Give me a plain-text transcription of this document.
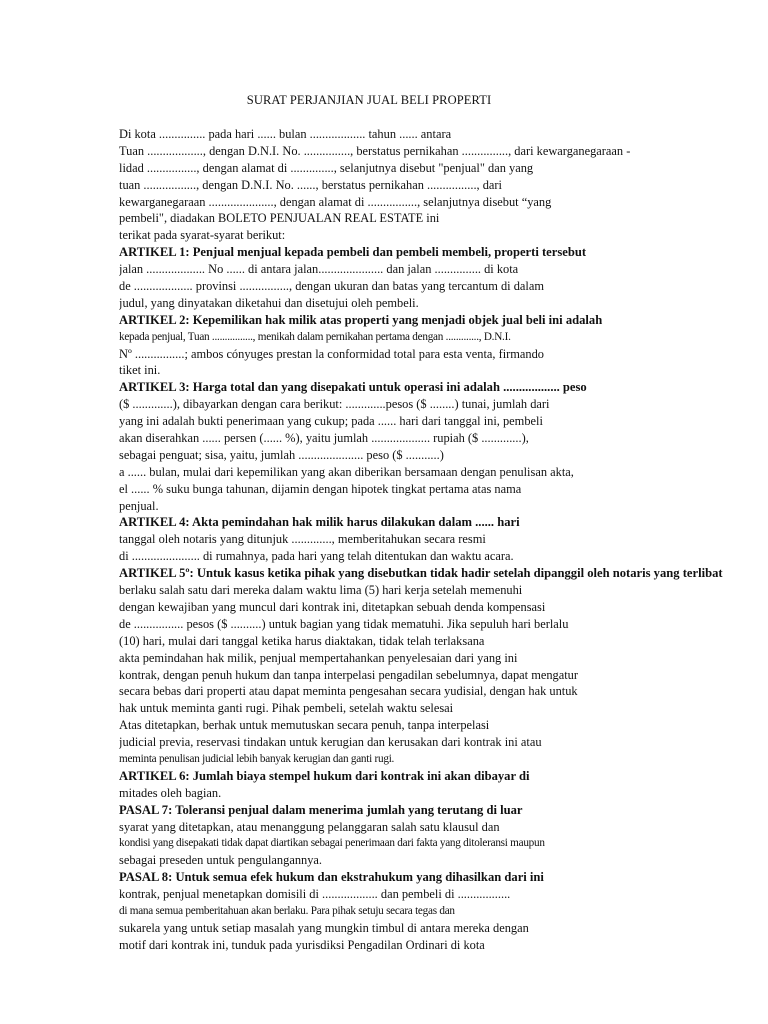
SURAT PERJANJIAN JUAL BELI PROPERTI
Di kota ............... pada hari ...... bulan .................. tahun ...... antara
Tuan .................., dengan D.N.I. No. ..............., berstatus pernikahan ..............., dari kewarganegaraan -
lidad ................, dengan alamat di .............., selanjutnya disebut "penjual" dan yang
tuan ................., dengan D.N.I. No. ......, berstatus pernikahan ................, dari
kewarganegaraan ....................., dengan alamat di ................, selanjutnya disebut “yang
pembeli", diadakan BOLETO PENJUALAN REAL ESTATE ini
terikat pada syarat-syarat berikut:
ARTIKEL 1: Penjual menjual kepada pembeli dan pembeli membeli, properti tersebut
jalan ................... No ...... di antara jalan..................... dan jalan ............... di kota
de ................... provinsi ................, dengan ukuran dan batas yang tercantum di dalam
judul, yang dinyatakan diketahui dan disetujui oleh pembeli.
ARTIKEL 2: Kepemilikan hak milik atas properti yang menjadi objek jual beli ini adalah
kepada penjual, Tuan ................, menikah dalam pernikahan pertama dengan ............., D.N.I.
Nº ................; ambos cónyuges prestan la conformidad total para esta venta, firmando
tiket ini.
ARTIKEL 3: Harga total dan yang disepakati untuk operasi ini adalah .................. peso
($ .............), dibayarkan dengan cara berikut: .............pesos ($ ........) tunai, jumlah dari
yang ini adalah bukti penerimaan yang cukup; pada ...... hari dari tanggal ini, pembeli
akan diserahkan ...... persen (...... %), yaitu jumlah ................... rupiah ($ .............),
sebagai penguat; sisa, yaitu, jumlah ..................... peso ($ ...........)
a ...... bulan, mulai dari kepemilikan yang akan diberikan bersamaan dengan penulisan akta,
el ...... % suku bunga tahunan, dijamin dengan hipotek tingkat pertama atas nama
penjual.
ARTIKEL 4: Akta pemindahan hak milik harus dilakukan dalam ...... hari
tanggal oleh notaris yang ditunjuk ............., memberitahukan secara resmi
di ...................... di rumahnya, pada hari yang telah ditentukan dan waktu acara.
ARTIKEL 5º: Untuk kasus ketika pihak yang disebutkan tidak hadir setelah dipanggil oleh notaris yang terlibat
berlaku salah satu dari mereka dalam waktu lima (5) hari kerja setelah memenuhi
dengan kewajiban yang muncul dari kontrak ini, ditetapkan sebuah denda kompensasi
de ................ pesos ($ ..........) untuk bagian yang tidak mematuhi. Jika sepuluh hari berlalu
(10) hari, mulai dari tanggal ketika harus diaktakan, tidak telah terlaksana
akta pemindahan hak milik, penjual mempertahankan penyelesaian dari yang ini
kontrak, dengan penuh hukum dan tanpa interpelasi pengadilan sebelumnya, dapat mengatur
secara bebas dari properti atau dapat meminta pengesahan secara yudisial, dengan hak untuk
hak untuk meminta ganti rugi. Pihak pembeli, setelah waktu selesai
Atas ditetapkan, berhak untuk memutuskan secara penuh, tanpa interpelasi
judicial previa, reservasi tindakan untuk kerugian dan kerusakan dari kontrak ini atau
meminta penulisan judicial lebih banyak kerugian dan ganti rugi.
ARTIKEL 6: Jumlah biaya stempel hukum dari kontrak ini akan dibayar di
mitades oleh bagian.
PASAL 7: Toleransi penjual dalam menerima jumlah yang terutang di luar
syarat yang ditetapkan, atau menanggung pelanggaran salah satu klausul dan
kondisi yang disepakati tidak dapat diartikan sebagai penerimaan dari fakta yang ditoleransi maupun
sebagai preseden untuk pengulangannya.
PASAL 8: Untuk semua efek hukum dan ekstrahukum yang dihasilkan dari ini
kontrak, penjual menetapkan domisili di .................. dan pembeli di .................
di mana semua pemberitahuan akan berlaku. Para pihak setuju secara tegas dan
sukarela yang untuk setiap masalah yang mungkin timbul di antara mereka dengan
motif dari kontrak ini, tunduk pada yurisdiksi Pengadilan Ordinari di kota
